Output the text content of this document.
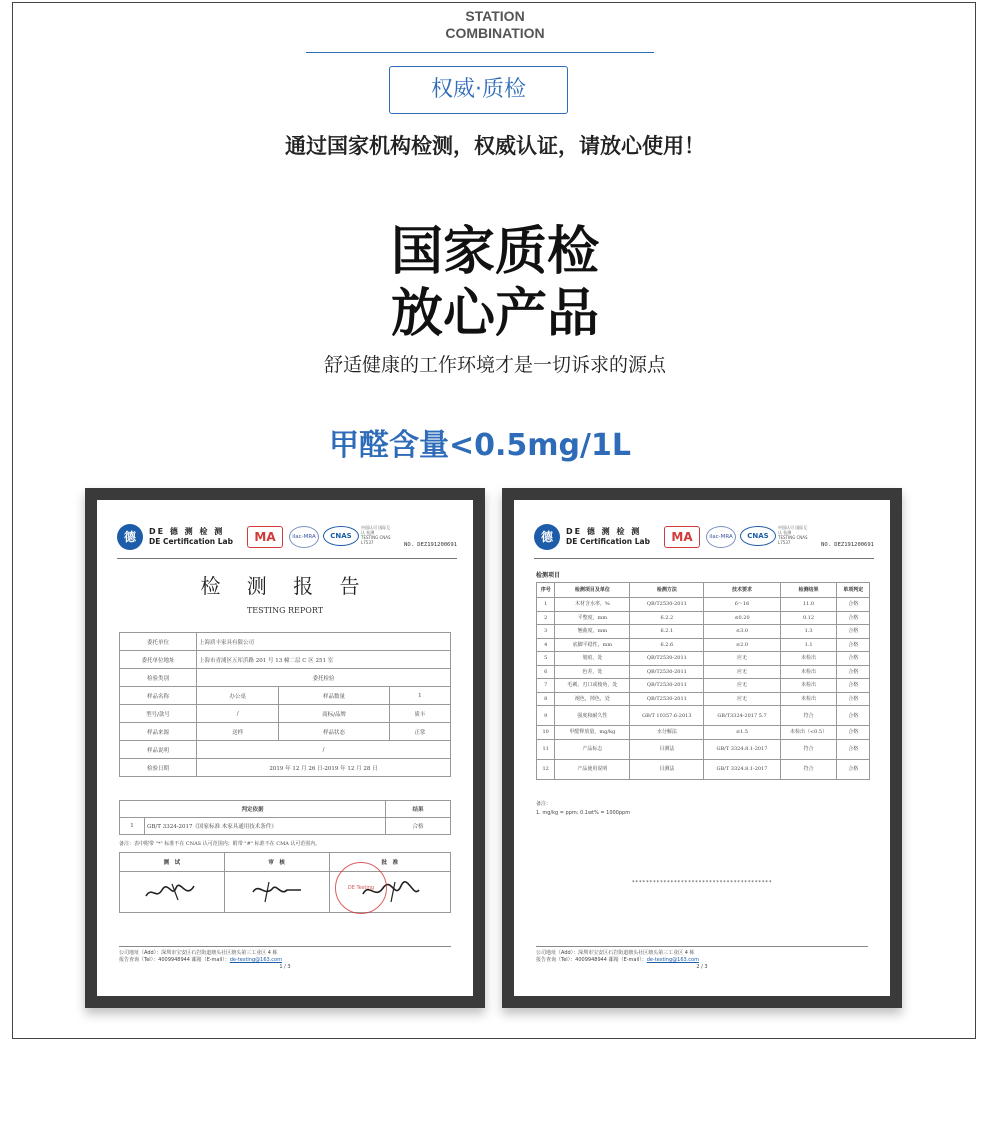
STATION
COMBINATION
权威·质检
通过国家机构检测，权威认证，请放心使用！
国家质检
放心产品
舒适健康的工作环境才是一切诉求的源点
甲醛含量<0.5mg/1L
德	DE 德 测 检 测
DE Certification Lab	MA	ilac-MRA	CNAS
中国认可 国际互认 检测 TESTING CNAS L7537	NO. DEZ191200691
检 测 报 告
TESTING REPORT
委托单位	上海质丰家具有限公司		
委托单位地址	上海市青浦区五厍浜路 201 号 13 幢二层 C 区 251 室		
检验类别	委托检验		
样品名称	办公桌	样品数量	1
型号/款号	/	商标/品牌	质丰
样品来源	送样	样品状态	正常
样品说明	/		
检验日期	2019 年 12 月 26 日-2019 年 12 月 28 日		
判定依据		结果
1	GB/T 3324-2017《国家标准 木家具通用技术条件》	合格
备注：表中附带 "*" 标准不在 CNAS 认可范围内；附带 "#" 标准不在 CMA 认可范围内。
测　试	审　核	批　准

DE Testing
公司地址（Add）：深圳市宝安区石岩街道塘头社区塘头第三工业区 4 栋
报告查询（Tel）：4009948944 邮箱（E-mail）：de-testing@163.com
1 / 3
德	DE 德 测 检 测
DE Certification Lab	MA	ilac-MRA	CNAS
中国认可 国际互认 检测 TESTING CNAS L7537	NO. DEZ191200691
检测项目
序号	检测项目及单位	检测方法	技术要求	检测结果	单项判定
1	木材含水率，%	QB/T2530-2011	6～16	11.0	合格
2	平整度，mm	6.2.2	≤0.20	0.12	合格
3	翘曲度，mm	6.2.1	≤3.0	1.3	合格
4	底脚平稳性，mm	6.2.6	≤2.0	1.1	合格
5	划痕，处	QB/T2530-2011	应无	未检出	合格
6	色差，处	QB/T2530-2011	应无	未检出	合格
7	毛刺，刃口或棱角，处	QB/T2530-2011	应无	未检出	合格
8	褪色，掉色，处	QB/T2530-2011	应无	未检出	合格
9	强度和耐久性	GB/T 10357.6-2013	GB/T3324-2017 5.7	符合	合格
10	甲醛释放量，mg/kg	水分解法	≤1.5	未检出（<0.5）	合格
11	产品标志	目测法	GB/T 3324.8.1-2017	符合	合格
12	产品使用说明	目测法	GB/T 3324.8.1-2017	符合	合格
备注：
1. mg/kg = ppm; 0.1wt% = 1000ppm
****************************************
公司地址（Add）：深圳市宝安区石岩街道塘头社区塘头第三工业区 4 栋
报告查询（Tel）：4009948944 邮箱（E-mail）：de-testing@163.com
2 / 3
